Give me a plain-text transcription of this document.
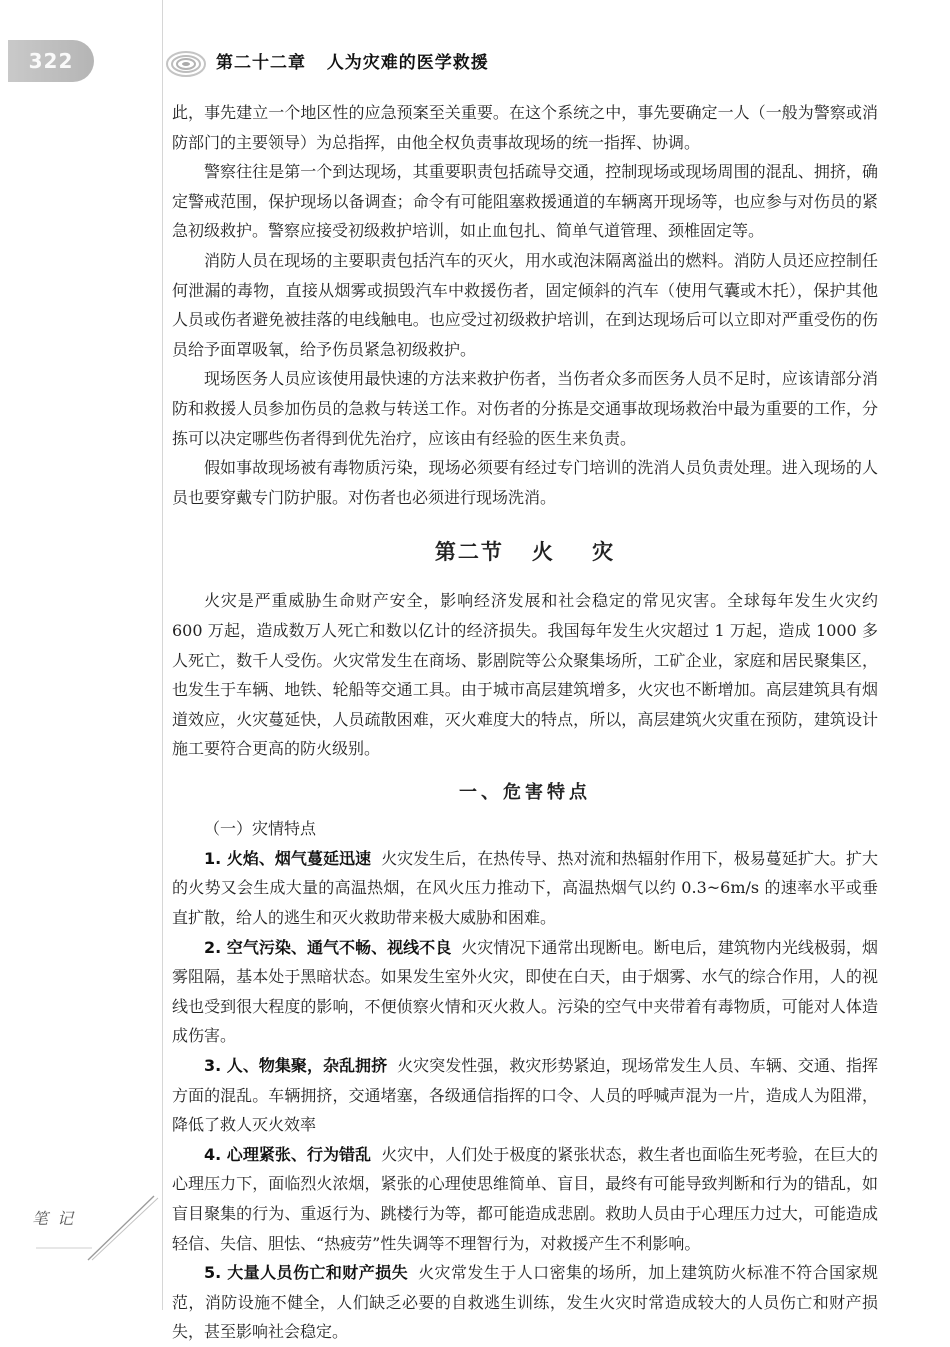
322	第二十二章   人为灾难的医学救援

此，事先建立一个地区性的应急预案至关重要。在这个系统之中，事先要确定一人（一般为警察或消防部门的主要领导）为总指挥，由他全权负责事故现场的统一指挥、协调。

警察往往是第一个到达现场，其重要职责包括疏导交通，控制现场或现场周围的混乱、拥挤，确定警戒范围，保护现场以备调查；命令有可能阻塞救援通道的车辆离开现场等，也应参与对伤员的紧急初级救护。警察应接受初级救护培训，如止血包扎、简单气道管理、颈椎固定等。

消防人员在现场的主要职责包括汽车的灭火，用水或泡沫隔离溢出的燃料。消防人员还应控制任何泄漏的毒物，直接从烟雾或损毁汽车中救援伤者，固定倾斜的汽车（使用气囊或木托），保护其他人员或伤者避免被挂落的电线触电。也应受过初级救护培训，在到达现场后可以立即对严重受伤的伤员给予面罩吸氧，给予伤员紧急初级救护。

现场医务人员应该使用最快速的方法来救护伤者，当伤者众多而医务人员不足时，应该请部分消防和救援人员参加伤员的急救与转送工作。对伤者的分拣是交通事故现场救治中最为重要的工作，分拣可以决定哪些伤者得到优先治疗，应该由有经验的医生来负责。

假如事故现场被有毒物质污染，现场必须要有经过专门培训的洗消人员负责处理。进入现场的人员也要穿戴专门防护服。对伤者也必须进行现场洗消。

第二节   火    灾

火灾是严重威胁生命财产安全，影响经济发展和社会稳定的常见灾害。全球每年发生火灾约 600 万起，造成数万人死亡和数以亿计的经济损失。我国每年发生火灾超过 1 万起，造成 1000 多人死亡，数千人受伤。火灾常发生在商场、影剧院等公众聚集场所，工矿企业，家庭和居民聚集区，也发生于车辆、地铁、轮船等交通工具。由于城市高层建筑增多，火灾也不断增加。高层建筑具有烟道效应，火灾蔓延快，人员疏散困难，灭火难度大的特点，所以，高层建筑火灾重在预防，建筑设计施工要符合更高的防火级别。

一、危害特点
（一）灾情特点

1. 火焰、烟气蔓延迅速 火灾发生后，在热传导、热对流和热辐射作用下，极易蔓延扩大。扩大的火势又会生成大量的高温热烟，在风火压力推动下，高温热烟气以约 0.3~6m/s 的速率水平或垂直扩散，给人的逃生和灭火救助带来极大威胁和困难。

2. 空气污染、通气不畅、视线不良 火灾情况下通常出现断电。断电后，建筑物内光线极弱，烟雾阻隔，基本处于黑暗状态。如果发生室外火灾，即使在白天，由于烟雾、水气的综合作用，人的视线也受到很大程度的影响，不便侦察火情和灭火救人。污染的空气中夹带着有毒物质，可能对人体造成伤害。

3. 人、物集聚，杂乱拥挤 火灾突发性强，救灾形势紧迫，现场常发生人员、车辆、交通、指挥方面的混乱。车辆拥挤，交通堵塞，各级通信指挥的口令、人员的呼喊声混为一片，造成人为阻滞，降低了救人灭火效率

4. 心理紧张、行为错乱 火灾中，人们处于极度的紧张状态，救生者也面临生死考验，在巨大的心理压力下，面临烈火浓烟，紧张的心理使思维简单、盲目，最终有可能导致判断和行为的错乱，如盲目聚集的行为、重返行为、跳楼行为等，都可能造成悲剧。救助人员由于心理压力过大，可能造成轻信、失信、胆怯、“热疲劳”性失调等不理智行为，对救援产生不利影响。

5. 大量人员伤亡和财产损失 火灾常发生于人口密集的场所，加上建筑防火标准不符合国家规范，消防设施不健全，人们缺乏必要的自救逃生训练，发生火灾时常造成较大的人员伤亡和财产损失，甚至影响社会稳定。

笔 记
